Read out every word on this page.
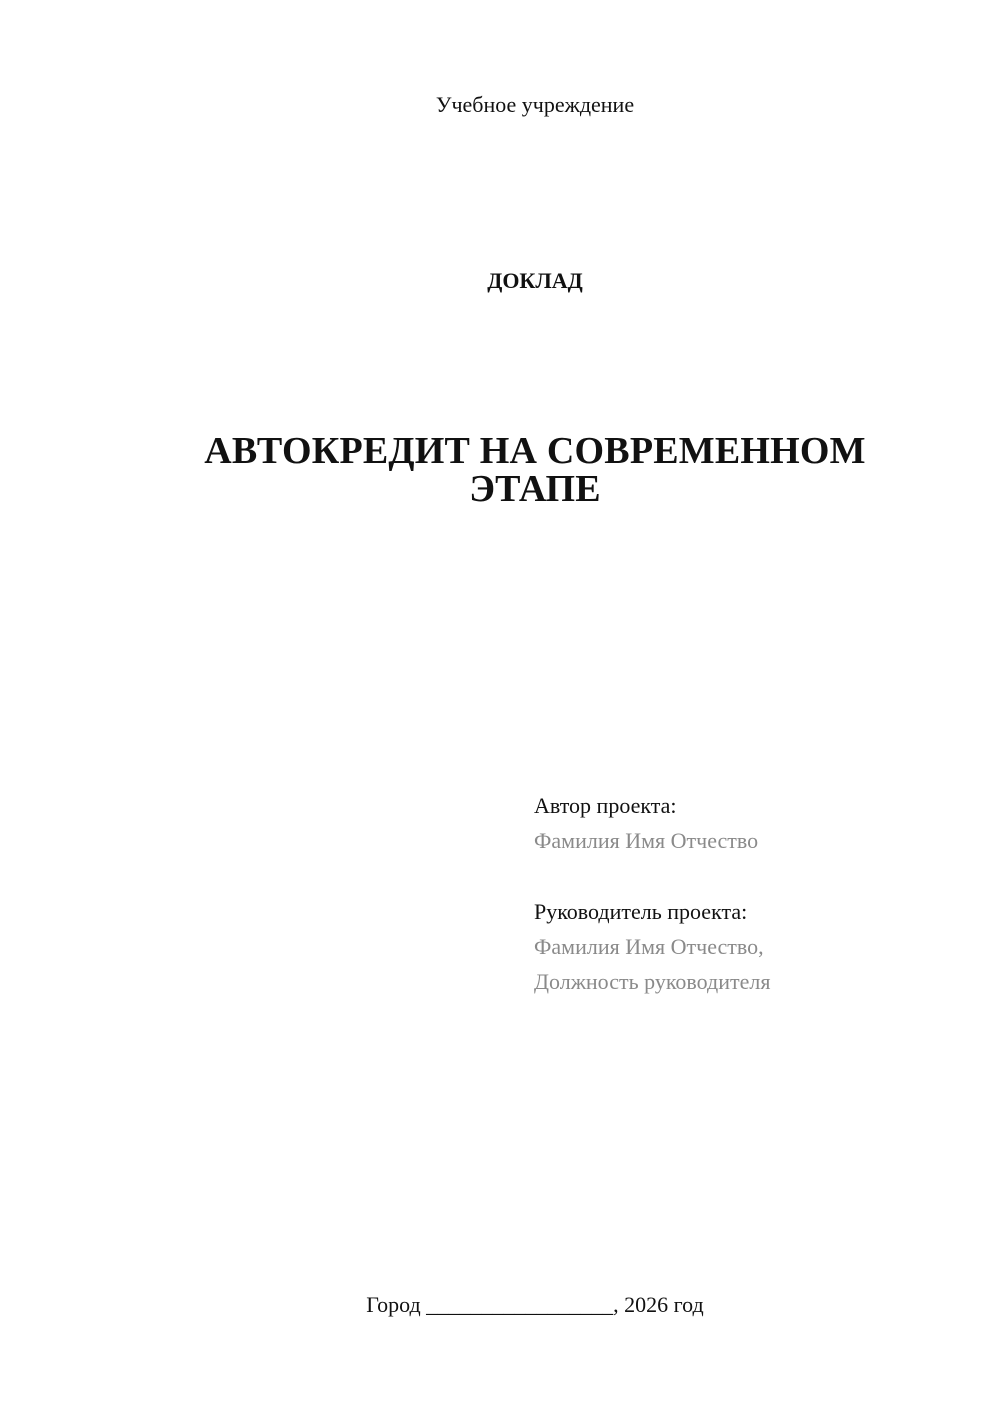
Учебное учреждение
ДОКЛАД
АВТОКРЕДИТ НА СОВРЕМЕННОМ
ЭТАПЕ
Автор проекта:
Фамилия Имя Отчество
Руководитель проекта:
Фамилия Имя Отчество,
Должность руководителя
Город _________________, 2026 год
